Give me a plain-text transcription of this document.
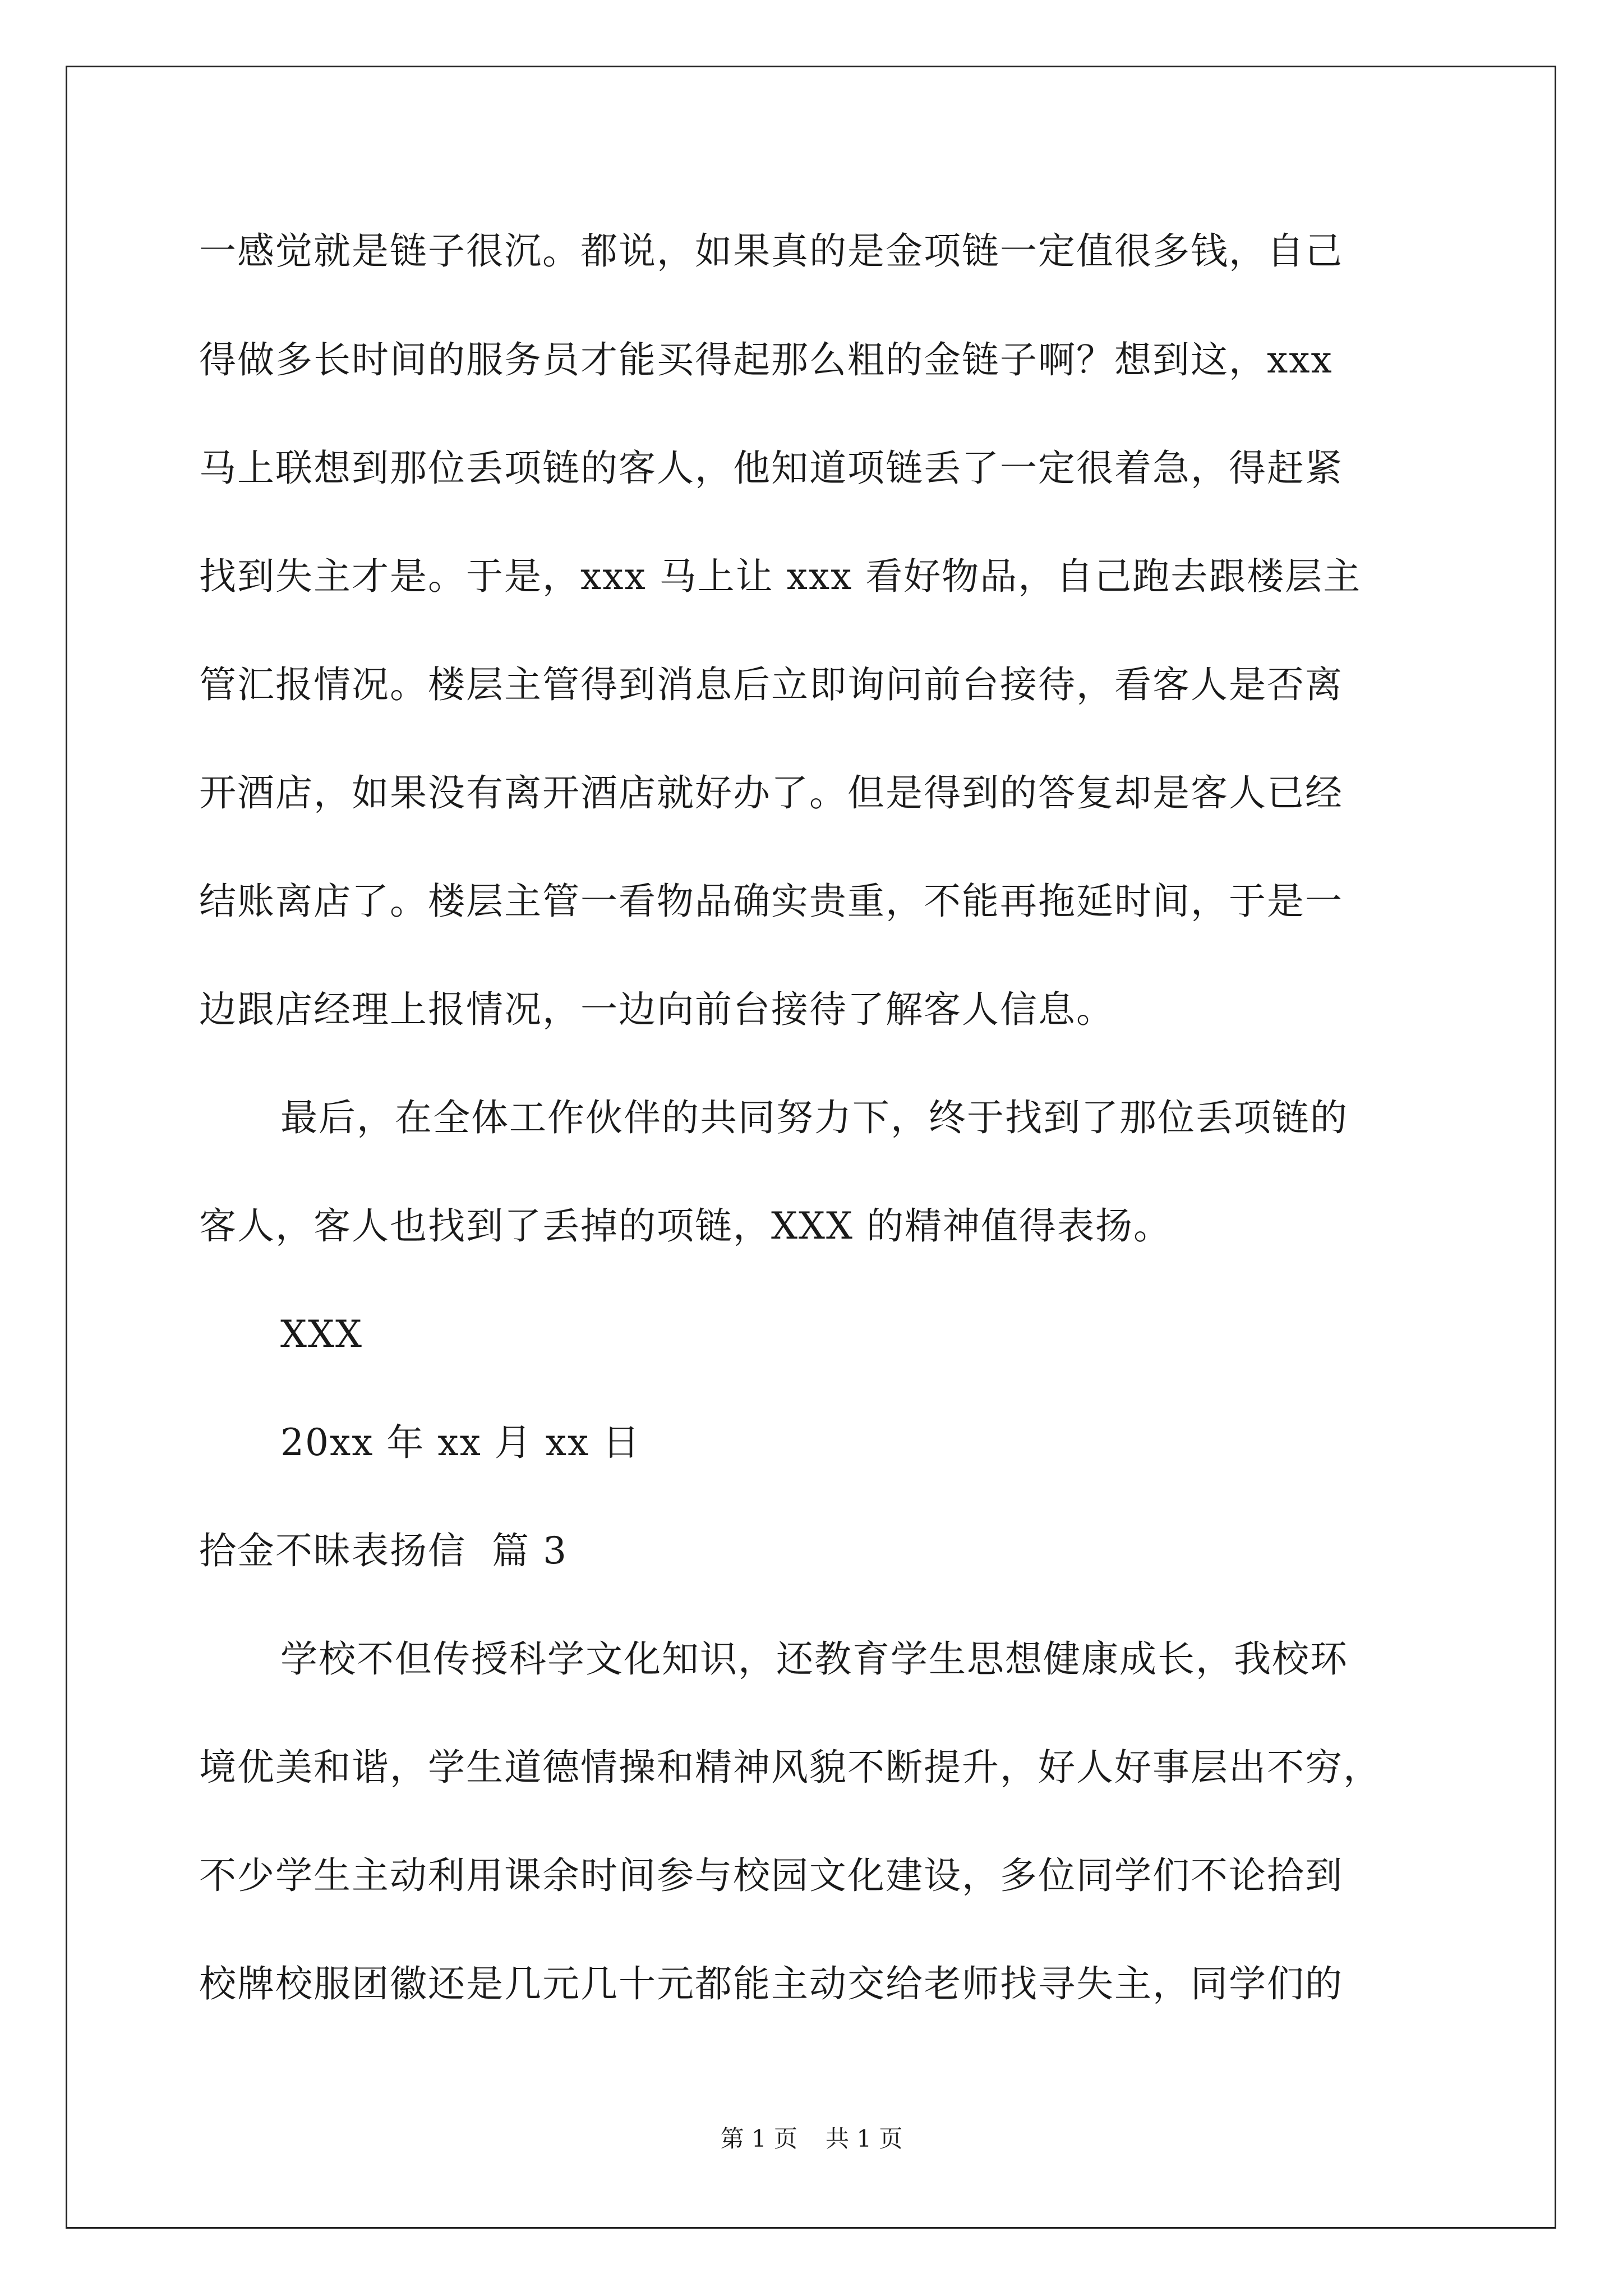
一感觉就是链子很沉。都说，如果真的是金项链一定值很多钱，自己
得做多长时间的服务员才能买得起那么粗的金链子啊？想到这，xxx
马上联想到那位丢项链的客人，他知道项链丢了一定很着急，得赶紧
找到失主才是。于是，xxx 马上让 xxx 看好物品，自己跑去跟楼层主
管汇报情况。楼层主管得到消息后立即询问前台接待，看客人是否离
开酒店，如果没有离开酒店就好办了。但是得到的答复却是客人已经
结账离店了。楼层主管一看物品确实贵重，不能再拖延时间，于是一
边跟店经理上报情况，一边向前台接待了解客人信息。
最后，在全体工作伙伴的共同努力下，终于找到了那位丢项链的
客人，客人也找到了丢掉的项链，XXX 的精神值得表扬。
XXX
20xx 年 xx 月 xx 日
拾金不昧表扬信  篇 3
学校不但传授科学文化知识，还教育学生思想健康成长，我校环
境优美和谐，学生道德情操和精神风貌不断提升，好人好事层出不穷，
不少学生主动利用课余时间参与校园文化建设，多位同学们不论拾到
校牌校服团徽还是几元几十元都能主动交给老师找寻失主，同学们的
第 1 页 共 1 页
